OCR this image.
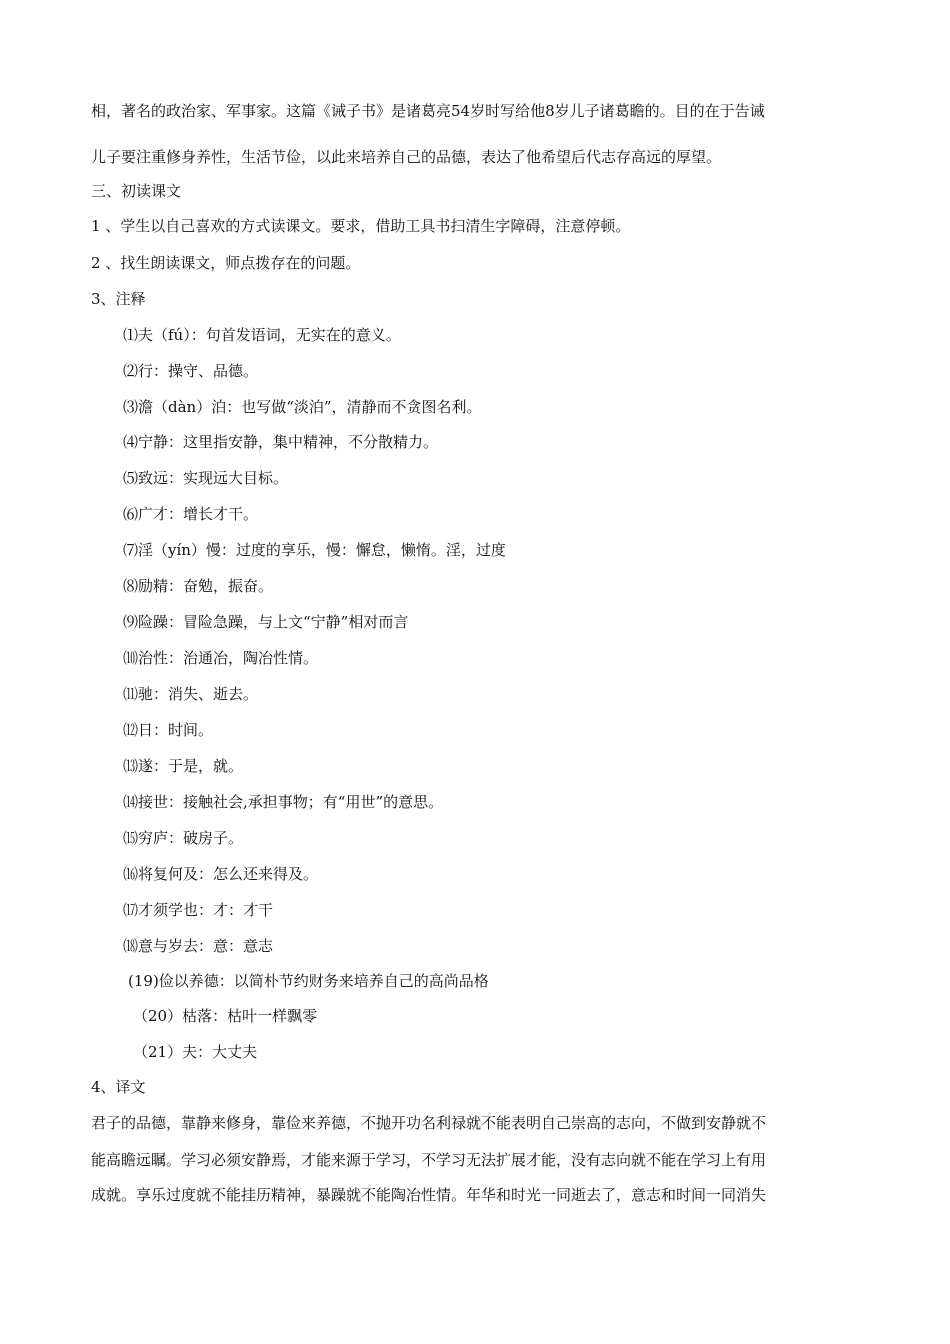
相，著名的政治家、军事家。这篇《诫子书》是诸葛亮54岁时写给他8岁儿子诸葛瞻的。目的在于告诫
儿子要注重修身养性，生活节俭，以此来培养自己的品德，表达了他希望后代志存高远的厚望。
三、初读课文
1 、学生以自己喜欢的方式读课文。要求，借助工具书扫清生字障碍，注意停顿。
2 、找生朗读课文，师点拨存在的问题。
3、注释
⑴夫（fú）：句首发语词，无实在的意义。
⑵行：操守、品德。
⑶澹（dàn）泊：也写做“淡泊”，清静而不贪图名利。
⑷宁静：这里指安静，集中精神，不分散精力。
⑸致远：实现远大目标。
⑹广才：增长才干。
⑺淫（yín）慢：过度的享乐，慢：懈怠，懒惰。淫，过度
⑻励精：奋勉，振奋。
⑼险躁：冒险急躁，与上文“宁静”相对而言
⑽治性：治通冶，陶冶性情。
⑾驰：消失、逝去。
⑿日：时间。
⒀遂：于是，就。
⒁接世：接触社会,承担事物；有“用世”的意思。
⒂穷庐：破房子。
⒃将复何及：怎么还来得及。
⒄才须学也：才：才干
⒅意与岁去：意：意志
(19)俭以养德：以简朴节约财务来培养自己的高尚品格
（20）枯落：枯叶一样飘零
（21）夫：大丈夫
4、译文
君子的品德，靠静来修身，靠俭来养德，不抛开功名利禄就不能表明自己崇高的志向，不做到安静就不
能高瞻远瞩。学习必须安静焉，才能来源于学习，不学习无法扩展才能，没有志向就不能在学习上有用
成就。享乐过度就不能挂历精神，暴躁就不能陶冶性情。年华和时光一同逝去了，意志和时间一同消失
